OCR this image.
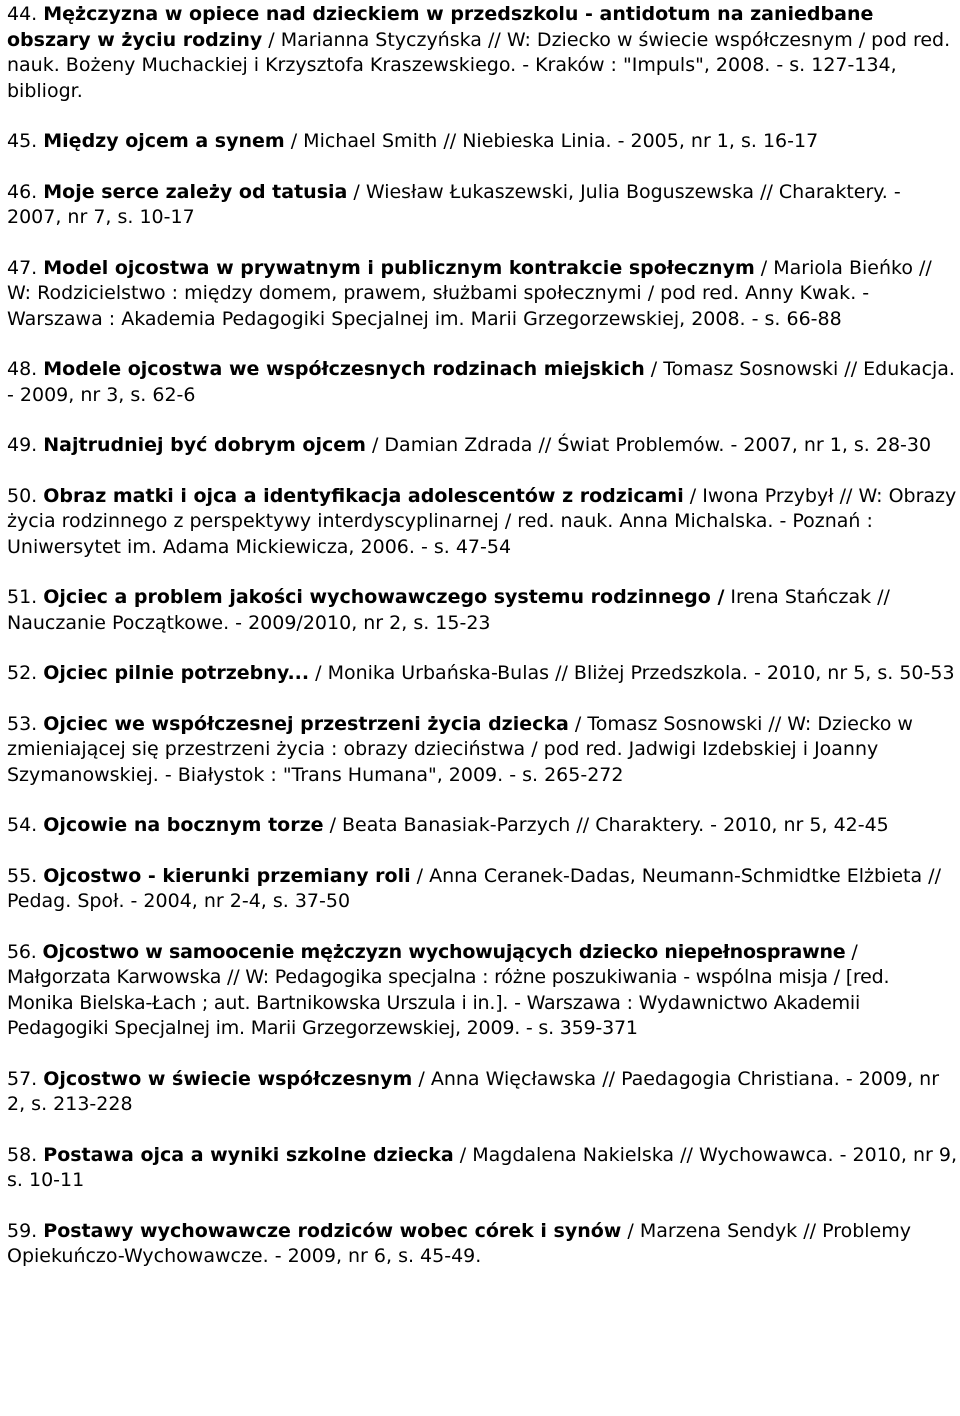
44. Mężczyzna w opiece nad dzieckiem w przedszkolu - antidotum na zaniedbane obszary w życiu rodziny / Marianna Styczyńska // W: Dziecko w świecie współczesnym / pod red. nauk. Bożeny Muchackiej i Krzysztofa Kraszewskiego. - Kraków : "Impuls", 2008. - s. 127-134, bibliogr.
45. Między ojcem a synem / Michael Smith // Niebieska Linia. - 2005, nr 1, s. 16-17
46. Moje serce zależy od tatusia / Wiesław Łukaszewski, Julia Boguszewska // Charaktery. - 2007, nr 7, s. 10-17
47. Model ojcostwa w prywatnym i publicznym kontrakcie społecznym / Mariola Bieńko // W: Rodzicielstwo : między domem, prawem, służbami społecznymi / pod red. Anny Kwak. - Warszawa : Akademia Pedagogiki Specjalnej im. Marii Grzegorzewskiej, 2008. - s. 66-88
48. Modele ojcostwa we współczesnych rodzinach miejskich / Tomasz Sosnowski // Edukacja. - 2009, nr 3, s. 62-6
49. Najtrudniej być dobrym ojcem / Damian Zdrada // Świat Problemów. - 2007, nr 1, s. 28-30
50. Obraz matki i ojca a identyfikacja adolescentów z rodzicami / Iwona Przybył // W: Obrazy życia rodzinnego z perspektywy interdyscyplinarnej / red. nauk. Anna Michalska. - Poznań : Uniwersytet im. Adama Mickiewicza, 2006. - s. 47-54
51. Ojciec a problem jakości wychowawczego systemu rodzinnego / Irena Stańczak // Nauczanie Początkowe. - 2009/2010, nr 2, s. 15-23
52. Ojciec pilnie potrzebny... / Monika Urbańska-Bulas // Bliżej Przedszkola. - 2010, nr 5, s. 50-53
53. Ojciec we współczesnej przestrzeni życia dziecka / Tomasz Sosnowski // W: Dziecko w zmieniającej się przestrzeni życia : obrazy dzieciństwa / pod red. Jadwigi Izdebskiej i Joanny Szymanowskiej. - Białystok : "Trans Humana", 2009. - s. 265-272
54. Ojcowie na bocznym torze / Beata Banasiak-Parzych // Charaktery. - 2010, nr 5, 42-45
55. Ojcostwo - kierunki przemiany roli / Anna Ceranek-Dadas, Neumann-Schmidtke Elżbieta // Pedag. Społ. - 2004, nr 2-4, s. 37-50
56. Ojcostwo w samoocenie mężczyzn wychowujących dziecko niepełnosprawne / Małgorzata Karwowska // W: Pedagogika specjalna : różne poszukiwania - wspólna misja / [red. Monika Bielska-Łach ; aut. Bartnikowska Urszula i in.]. - Warszawa : Wydawnictwo Akademii Pedagogiki Specjalnej im. Marii Grzegorzewskiej, 2009. - s. 359-371
57. Ojcostwo w świecie współczesnym / Anna Więcławska // Paedagogia Christiana. - 2009, nr 2, s. 213-228
58. Postawa ojca a wyniki szkolne dziecka / Magdalena Nakielska // Wychowawca. - 2010, nr 9, s. 10-11
59. Postawy wychowawcze rodziców wobec córek i synów / Marzena Sendyk // Problemy Opiekuńczo-Wychowawcze. - 2009, nr 6, s. 45-49.
